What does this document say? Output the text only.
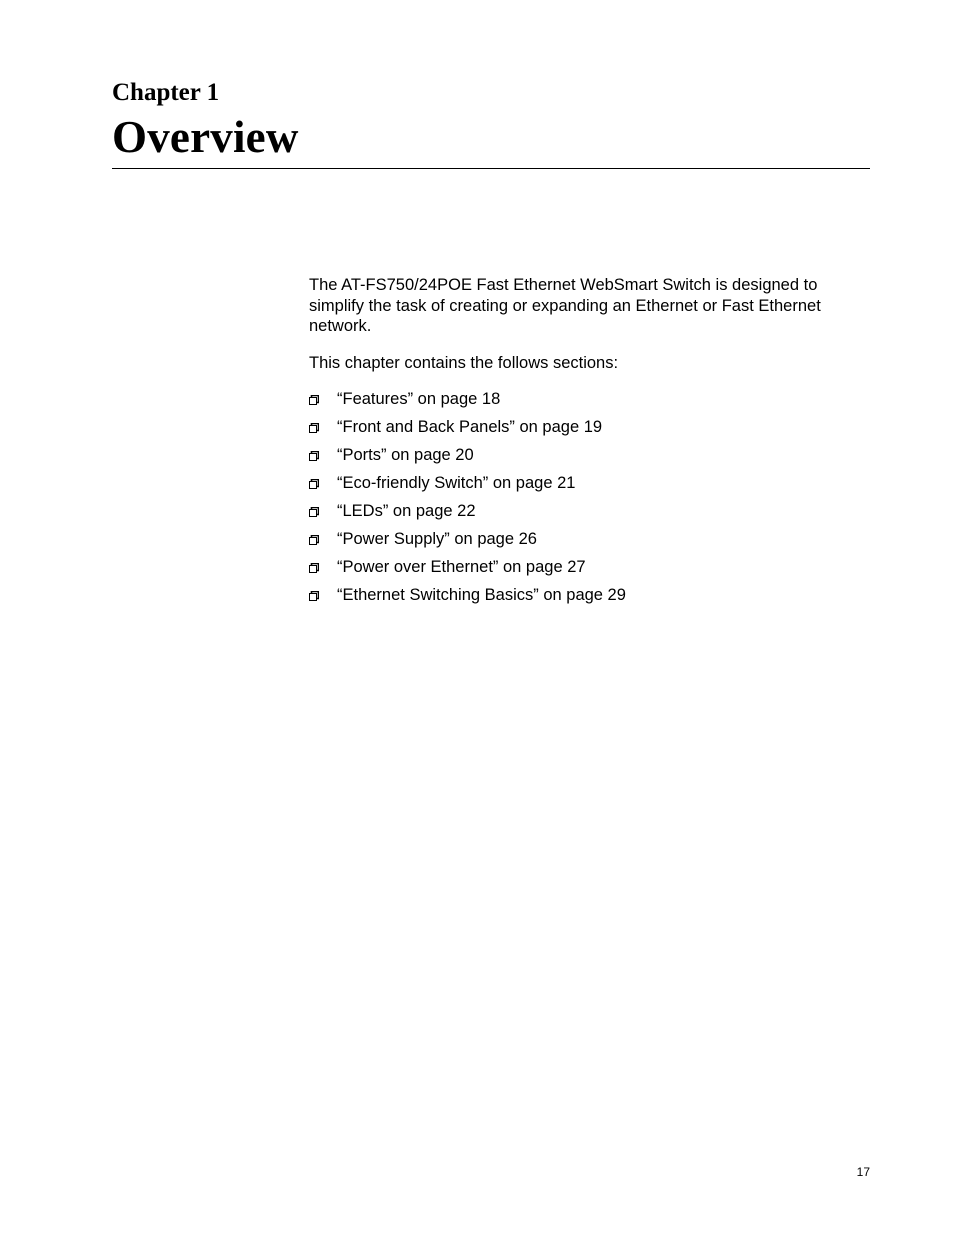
Chapter 1
Overview

The AT-FS750/24POE Fast Ethernet WebSmart Switch is designed to simplify the task of creating or expanding an Ethernet or Fast Ethernet network.

This chapter contains the follows sections:

“Features” on page 18
“Front and Back Panels” on page 19
“Ports” on page 20
“Eco-friendly Switch” on page 21
“LEDs” on page 22
“Power Supply” on page 26
“Power over Ethernet” on page 27
“Ethernet Switching Basics” on page 29
17
